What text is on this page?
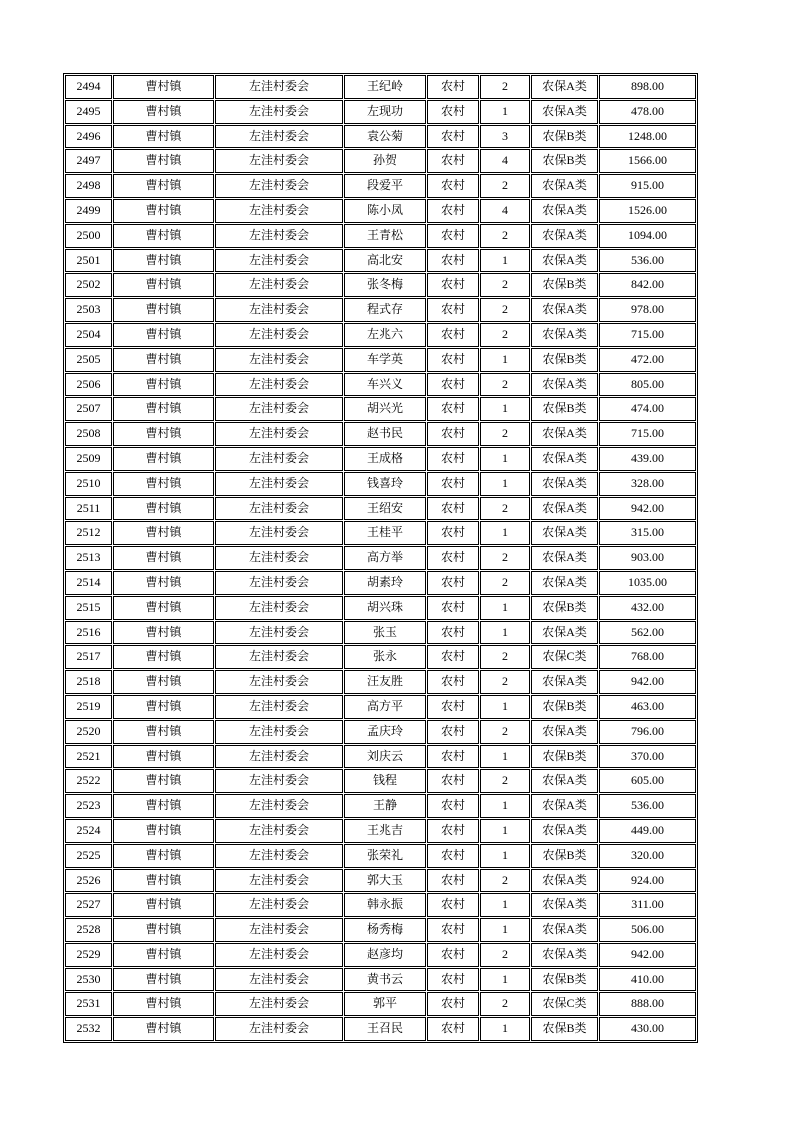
2494	曹村镇	左洼村委会	王纪岭	农村	2	农保A类	898.00
2495	曹村镇	左洼村委会	左现功	农村	1	农保A类	478.00
2496	曹村镇	左洼村委会	袁公菊	农村	3	农保B类	1248.00
2497	曹村镇	左洼村委会	孙贺	农村	4	农保B类	1566.00
2498	曹村镇	左洼村委会	段爱平	农村	2	农保A类	915.00
2499	曹村镇	左洼村委会	陈小凤	农村	4	农保A类	1526.00
2500	曹村镇	左洼村委会	王青松	农村	2	农保A类	1094.00
2501	曹村镇	左洼村委会	高北安	农村	1	农保A类	536.00
2502	曹村镇	左洼村委会	张冬梅	农村	2	农保B类	842.00
2503	曹村镇	左洼村委会	程式存	农村	2	农保A类	978.00
2504	曹村镇	左洼村委会	左兆六	农村	2	农保A类	715.00
2505	曹村镇	左洼村委会	车学英	农村	1	农保B类	472.00
2506	曹村镇	左洼村委会	车兴义	农村	2	农保A类	805.00
2507	曹村镇	左洼村委会	胡兴光	农村	1	农保B类	474.00
2508	曹村镇	左洼村委会	赵书民	农村	2	农保A类	715.00
2509	曹村镇	左洼村委会	王成格	农村	1	农保A类	439.00
2510	曹村镇	左洼村委会	钱喜玲	农村	1	农保A类	328.00
2511	曹村镇	左洼村委会	王绍安	农村	2	农保A类	942.00
2512	曹村镇	左洼村委会	王桂平	农村	1	农保A类	315.00
2513	曹村镇	左洼村委会	高方举	农村	2	农保A类	903.00
2514	曹村镇	左洼村委会	胡素玲	农村	2	农保A类	1035.00
2515	曹村镇	左洼村委会	胡兴珠	农村	1	农保B类	432.00
2516	曹村镇	左洼村委会	张玉	农村	1	农保A类	562.00
2517	曹村镇	左洼村委会	张永	农村	2	农保C类	768.00
2518	曹村镇	左洼村委会	汪友胜	农村	2	农保A类	942.00
2519	曹村镇	左洼村委会	高方平	农村	1	农保B类	463.00
2520	曹村镇	左洼村委会	孟庆玲	农村	2	农保A类	796.00
2521	曹村镇	左洼村委会	刘庆云	农村	1	农保B类	370.00
2522	曹村镇	左洼村委会	钱程	农村	2	农保A类	605.00
2523	曹村镇	左洼村委会	王静	农村	1	农保A类	536.00
2524	曹村镇	左洼村委会	王兆吉	农村	1	农保A类	449.00
2525	曹村镇	左洼村委会	张荣礼	农村	1	农保B类	320.00
2526	曹村镇	左洼村委会	郭大玉	农村	2	农保A类	924.00
2527	曹村镇	左洼村委会	韩永振	农村	1	农保A类	311.00
2528	曹村镇	左洼村委会	杨秀梅	农村	1	农保A类	506.00
2529	曹村镇	左洼村委会	赵彦均	农村	2	农保A类	942.00
2530	曹村镇	左洼村委会	黄书云	农村	1	农保B类	410.00
2531	曹村镇	左洼村委会	郭平	农村	2	农保C类	888.00
2532	曹村镇	左洼村委会	王召民	农村	1	农保B类	430.00
